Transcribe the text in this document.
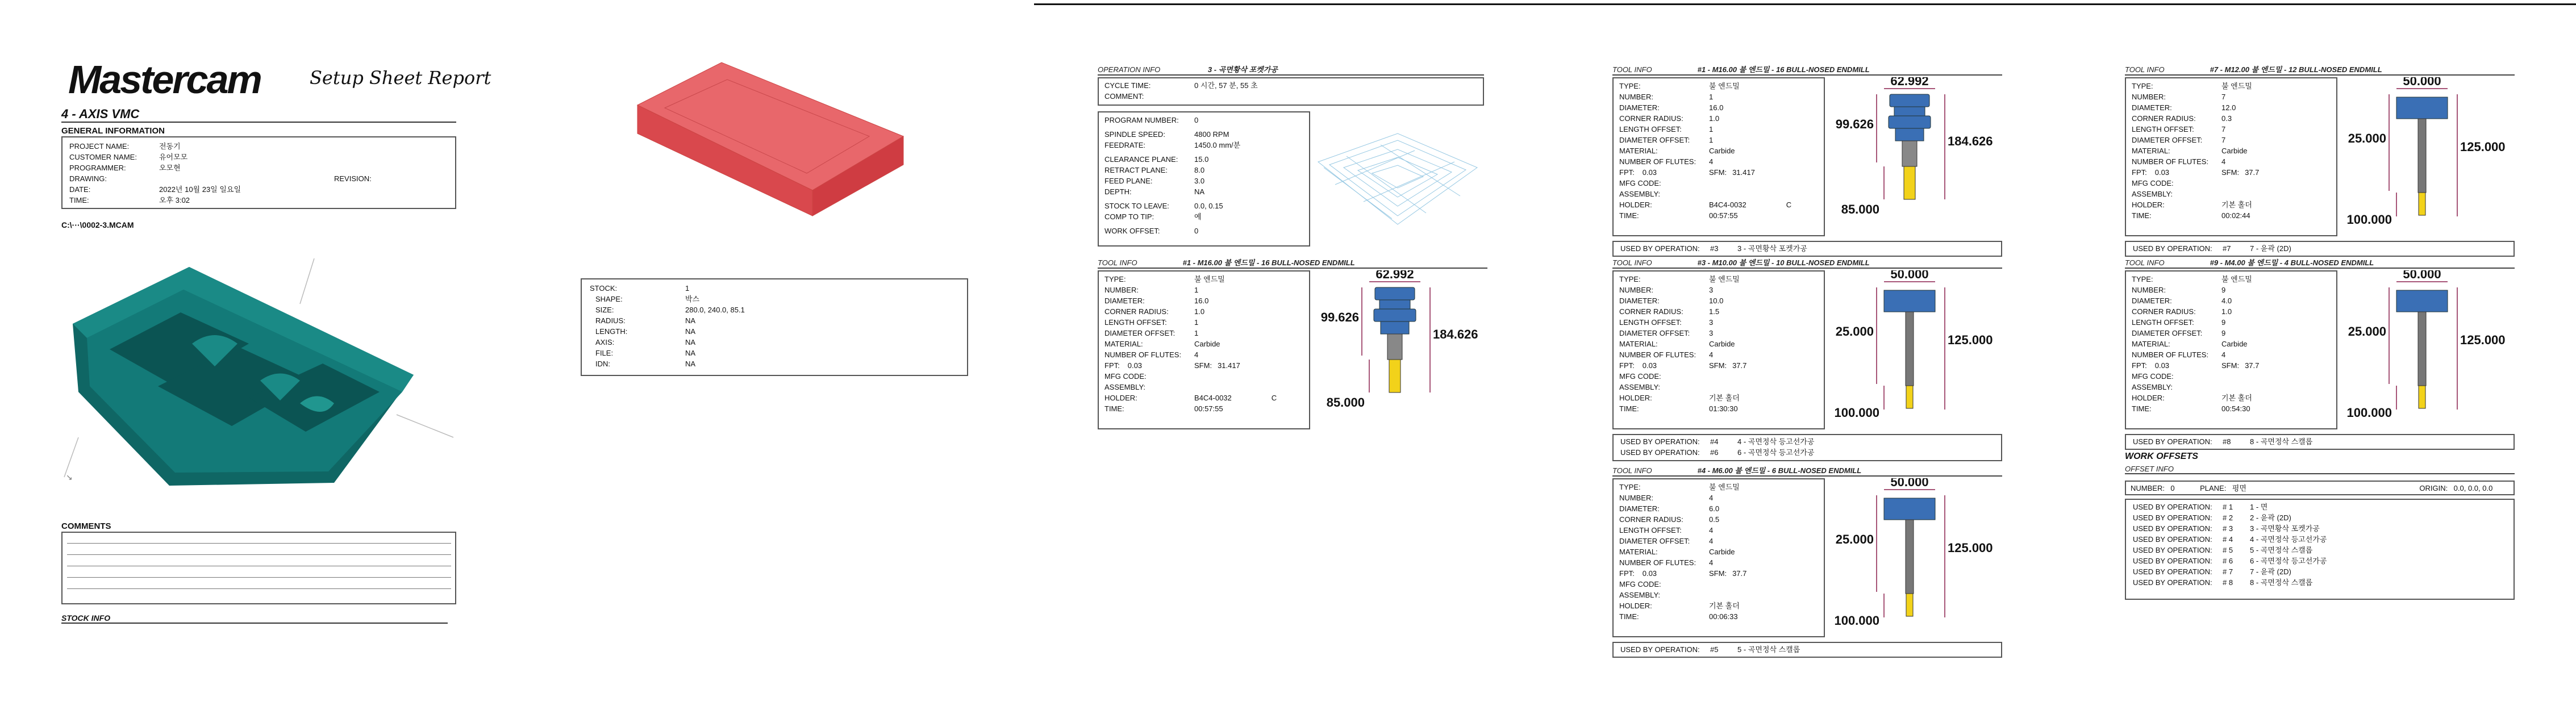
Mastercam	Setup Sheet Report
4 - AXIS VMC
GENERAL INFORMATION
PROJECT NAME:	전동기	
CUSTOMER NAME:	유어모모	
PROGRAMMER:	오모현	
DRAWING:		REVISION:
DATE:	2022년 10월 23일 일요일	
TIME:	오후 3:02	
C:\···\0002-3.MCAM
↘
COMMENTS
STOCK INFO
STOCK:	1
SHAPE:	박스
SIZE:	280.0, 240.0, 85.1
RADIUS:	NA
LENGTH:	NA
AXIS:	NA
FILE:	NA
IDN:	NA
OPERATION INFO	3 - 곡면황삭 포켓가공
CYCLE TIME:	0 시간, 57 분, 55 초
COMMENT:	
PROGRAM NUMBER:	0
SPINDLE SPEED:	4800 RPM
FEEDRATE:	1450.0 mm/분
CLEARANCE PLANE:	15.0
RETRACT PLANE:	8.0
FEED PLANE:	3.0
DEPTH:	NA
STOCK TO LEAVE:	0.0, 0.15
COMP TO TIP:	예
WORK OFFSET:	0
TOOL INFO	#1 - M16.00 불 엔드밀 - 16 BULL-NOSED ENDMILL
TYPE:	불 엔드밀
NUMBER:	1
DIAMETER:	16.0
CORNER RADIUS:	1.0
LENGTH OFFSET:	1
DIAMETER OFFSET:	1
MATERIAL:	Carbide
NUMBER OF FLUTES:	4
FPT: 0.03	SFM: 31.417
MFG CODE:	
ASSEMBLY:	
HOLDER:	B4C4-0032 C
TIME:	00:57:55
62.992
99.626
184.626
85.000
TOOL INFO	#1 - M16.00 불 엔드밀 - 16 BULL-NOSED ENDMILL
TYPE:	불 엔드밀
NUMBER:	1
DIAMETER:	16.0
CORNER RADIUS:	1.0
LENGTH OFFSET:	1
DIAMETER OFFSET:	1
MATERIAL:	Carbide
NUMBER OF FLUTES:	4
FPT: 0.03	SFM: 31.417
MFG CODE:	
ASSEMBLY:	
HOLDER:	B4C4-0032 C
TIME:	00:57:55
62.992
99.626
184.626
85.000
USED BY OPERATION:	#3	3 - 곡면황삭 포켓가공
TOOL INFO	#3 - M10.00 불 엔드밀 - 10 BULL-NOSED ENDMILL
TYPE:	불 엔드밀
NUMBER:	3
DIAMETER:	10.0
CORNER RADIUS:	1.5
LENGTH OFFSET:	3
DIAMETER OFFSET:	3
MATERIAL:	Carbide
NUMBER OF FLUTES:	4
FPT: 0.03	SFM: 37.7
MFG CODE:	
ASSEMBLY:	
HOLDER:	기본 홀더
TIME:	01:30:30
50.000
25.000
125.000
100.000
USED BY OPERATION:	#4	4 - 곡면정삭 등고선가공
USED BY OPERATION:	#6	6 - 곡면정삭 등고선가공
TOOL INFO	#4 - M6.00 불 엔드밀 - 6 BULL-NOSED ENDMILL
TYPE:	불 엔드밀
NUMBER:	4
DIAMETER:	6.0
CORNER RADIUS:	0.5
LENGTH OFFSET:	4
DIAMETER OFFSET:	4
MATERIAL:	Carbide
NUMBER OF FLUTES:	4
FPT: 0.03	SFM: 37.7
MFG CODE:	
ASSEMBLY:	
HOLDER:	기본 홀더
TIME:	00:06:33
50.000
25.000
125.000
100.000
USED BY OPERATION:	#5	5 - 곡면정삭 스캘롭
TOOL INFO	#7 - M12.00 불 엔드밀 - 12 BULL-NOSED ENDMILL
TYPE:	불 엔드밀
NUMBER:	7
DIAMETER:	12.0
CORNER RADIUS:	0.3
LENGTH OFFSET:	7
DIAMETER OFFSET:	7
MATERIAL:	Carbide
NUMBER OF FLUTES:	4
FPT: 0.03	SFM: 37.7
MFG CODE:	
ASSEMBLY:	
HOLDER:	기본 홀더
TIME:	00:02:44
50.000
25.000
125.000
100.000
USED BY OPERATION:	#7	7 - 윤곽 (2D)
TOOL INFO	#9 - M4.00 불 엔드밀 - 4 BULL-NOSED ENDMILL
TYPE:	불 엔드밀
NUMBER:	9
DIAMETER:	4.0
CORNER RADIUS:	1.0
LENGTH OFFSET:	9
DIAMETER OFFSET:	9
MATERIAL:	Carbide
NUMBER OF FLUTES:	4
FPT: 0.03	SFM: 37.7
MFG CODE:	
ASSEMBLY:	
HOLDER:	기본 홀더
TIME:	00:54:30
50.000
25.000
125.000
100.000
USED BY OPERATION:	#8	8 - 곡면정삭 스캘롭
WORK OFFSETS
OFFSET INFO
NUMBER: 0	PLANE: 평면	ORIGIN: 0.0, 0.0, 0.0
USED BY OPERATION:	# 1	1 - 면
USED BY OPERATION:	# 2	2 - 윤곽 (2D)
USED BY OPERATION:	# 3	3 - 곡면황삭 포켓가공
USED BY OPERATION:	# 4	4 - 곡면정삭 등고선가공
USED BY OPERATION:	# 5	5 - 곡면정삭 스캘롭
USED BY OPERATION:	# 6	6 - 곡면정삭 등고선가공
USED BY OPERATION:	# 7	7 - 윤곽 (2D)
USED BY OPERATION:	# 8	8 - 곡면정삭 스캘롭
